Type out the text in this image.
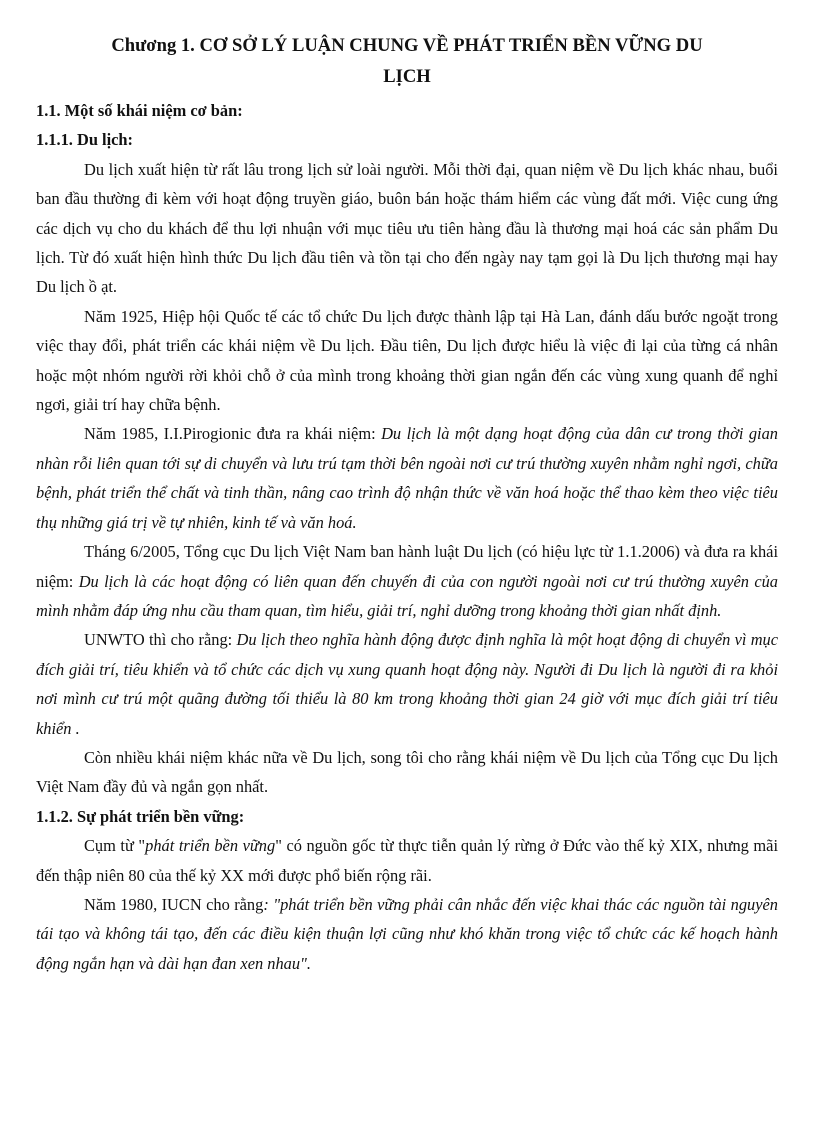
Chương 1. CƠ SỞ LÝ LUẬN CHUNG VỀ PHÁT TRIỂN BỀN VỮNG DU
LỊCH

1.1. Một số khái niệm cơ bản:

1.1.1. Du lịch:

Du lịch xuất hiện từ rất lâu trong lịch sử loài người. Mỗi thời đại, quan niệm về Du lịch khác nhau, buổi ban đầu thường đi kèm với hoạt động truyền giáo, buôn bán hoặc thám hiểm các vùng đất mới. Việc cung ứng các dịch vụ cho du khách để thu lợi nhuận với mục tiêu ưu tiên hàng đầu là thương mại hoá các sản phẩm Du lịch. Từ đó xuất hiện hình thức Du lịch đầu tiên và tồn tại cho đến ngày nay tạm gọi là Du lịch thương mại hay Du lịch ồ ạt.

Năm 1925, Hiệp hội Quốc tế các tổ chức Du lịch được thành lập tại Hà Lan, đánh dấu bước ngoặt trong việc thay đổi, phát triển các khái niệm về Du lịch. Đầu tiên, Du lịch được hiểu là việc đi lại của từng cá nhân hoặc một nhóm người rời khỏi chỗ ở của mình trong khoảng thời gian ngắn đến các vùng xung quanh để nghỉ ngơi, giải trí hay chữa bệnh.

Năm 1985, I.I.Pirogionic đưa ra khái niệm: Du lịch là một dạng hoạt động của dân cư trong thời gian nhàn rỗi liên quan tới sự di chuyển và lưu trú tạm thời bên ngoài nơi cư trú thường xuyên nhằm nghỉ ngơi, chữa bệnh, phát triển thể chất và tinh thần, nâng cao trình độ nhận thức về văn hoá hoặc thể thao kèm theo việc tiêu thụ những giá trị về tự nhiên, kinh tế và văn hoá.

Tháng 6/2005, Tổng cục Du lịch Việt Nam ban hành luật Du lịch (có hiệu lực từ 1.1.2006) và đưa ra khái niệm: Du lịch là các hoạt động có liên quan đến chuyến đi của con người ngoài nơi cư trú thường xuyên của mình nhằm đáp ứng nhu cầu tham quan, tìm hiểu, giải trí, nghỉ dưỡng trong khoảng thời gian nhất định.

UNWTO thì cho rằng: Du lịch theo nghĩa hành động được định nghĩa là một hoạt động di chuyển vì mục đích giải trí, tiêu khiển và tổ chức các dịch vụ xung quanh hoạt động này. Người đi Du lịch là người đi ra khỏi nơi mình cư trú một quãng đường tối thiểu là 80 km trong khoảng thời gian 24 giờ với mục đích giải trí tiêu khiển .

Còn nhiều khái niệm khác nữa về Du lịch, song tôi cho rằng khái niệm về Du lịch của Tổng cục Du lịch Việt Nam đầy đủ và ngắn gọn nhất.

1.1.2. Sự phát triển bền vững:

Cụm từ "phát triển bền vững" có nguồn gốc từ thực tiễn quản lý rừng ở Đức vào thế kỷ XIX, nhưng mãi đến thập niên 80 của thế kỷ XX mới được phổ biến rộng rãi.

Năm 1980, IUCN cho rằng: "phát triển bền vững phải cân nhắc đến việc khai thác các nguồn tài nguyên tái tạo và không tái tạo, đến các điều kiện thuận lợi cũng như khó khăn trong việc tổ chức các kế hoạch hành động ngắn hạn và dài hạn đan xen nhau".
